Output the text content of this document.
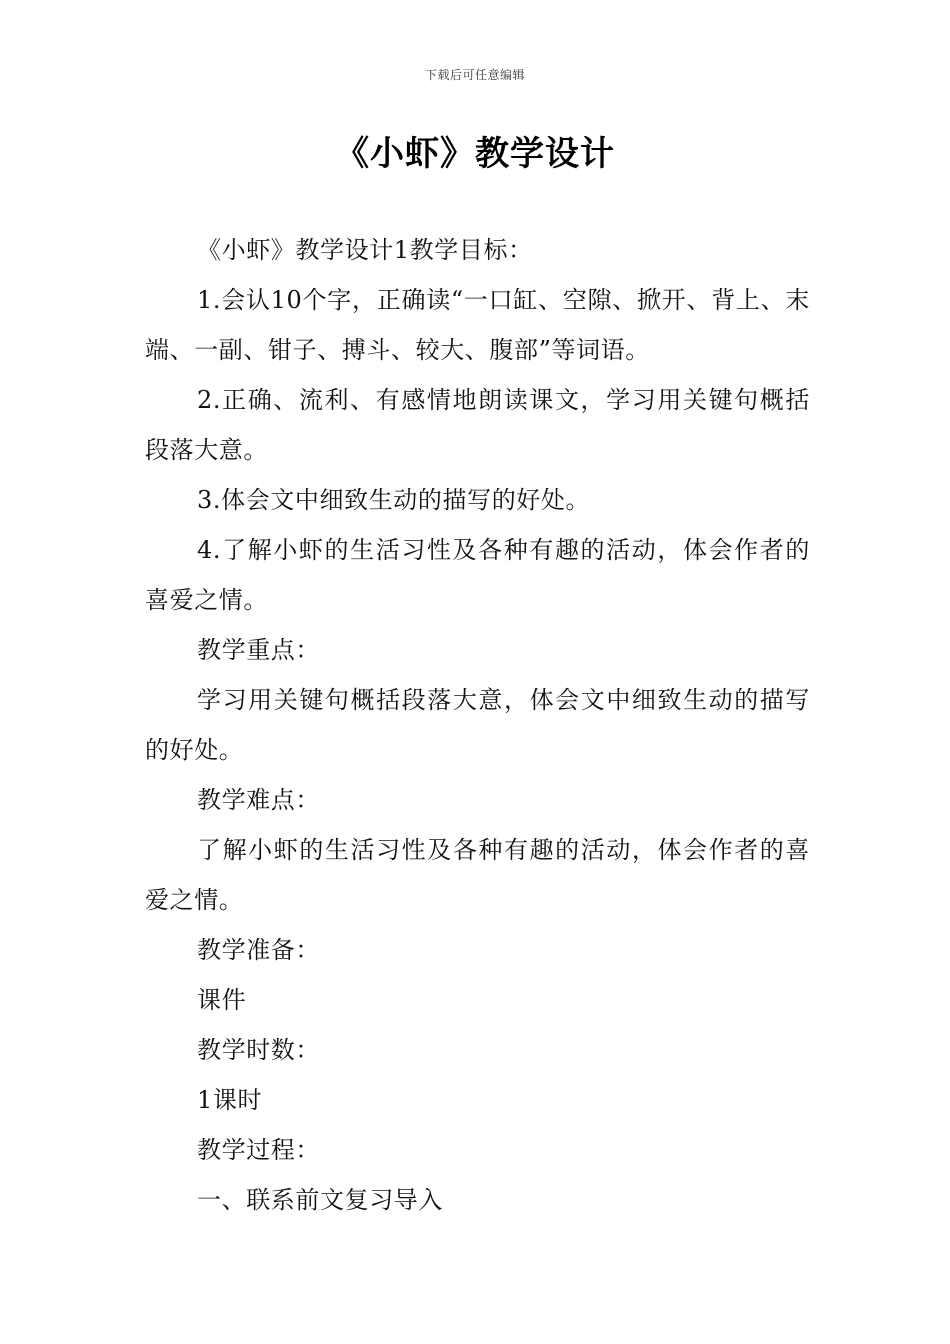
下载后可任意编辑
《小虾》教学设计

《小虾》教学设计1教学目标：

1.会认10个字，正确读“一口缸、空隙、掀开、背上、末端、一副、钳子、搏斗、较大、腹部”等词语。

2.正确、流利、有感情地朗读课文，学习用关键句概括段落大意。

3.体会文中细致生动的描写的好处。

4.了解小虾的生活习性及各种有趣的活动，体会作者的喜爱之情。

教学重点：

学习用关键句概括段落大意，体会文中细致生动的描写的好处。

教学难点：

了解小虾的生活习性及各种有趣的活动，体会作者的喜爱之情。

教学准备：

课件

教学时数：

1课时

教学过程：

一、联系前文复习导入
